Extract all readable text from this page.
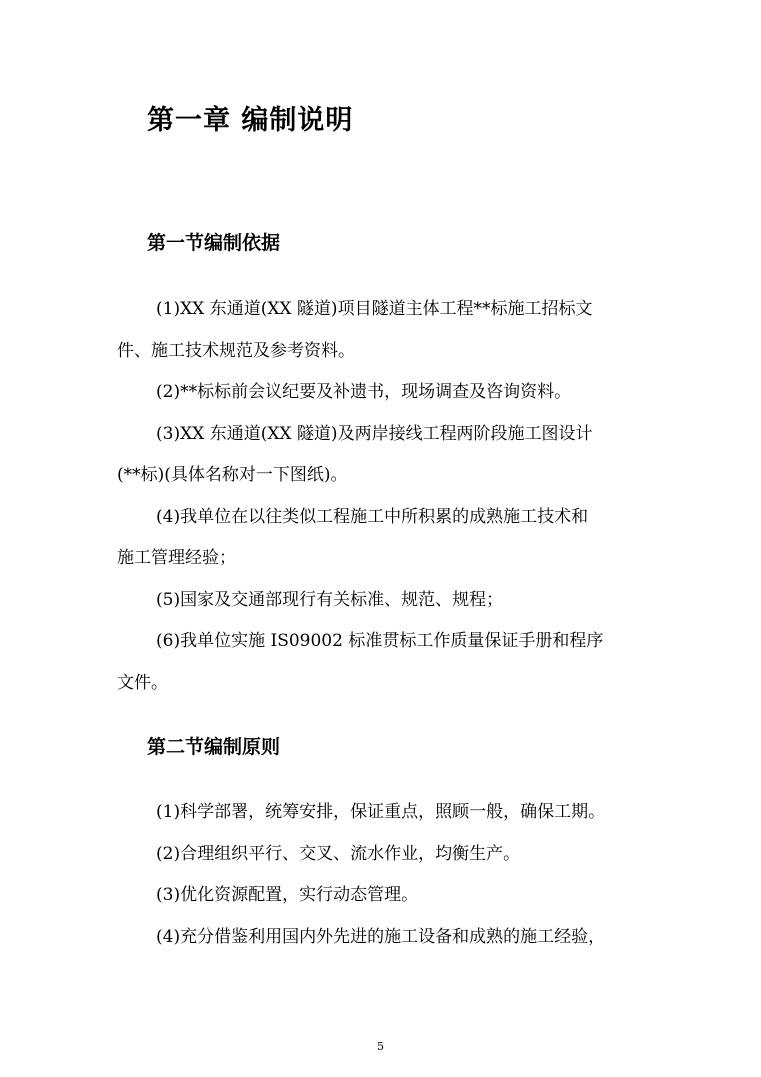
第一章 编制说明
第一节编制依据

(1)XX 东通道(XX 隧道)项目隧道主体工程**标施工招标文

件、施工技术规范及参考资料。

(2)**标标前会议纪要及补遗书，现场调查及咨询资料。

(3)XX 东通道(XX 隧道)及两岸接线工程两阶段施工图设计

(**标)(具体名称对一下图纸)。

(4)我单位在以往类似工程施工中所积累的成熟施工技术和

施工管理经验；

(5)国家及交通部现行有关标准、规范、规程；

(6)我单位实施 IS09002 标准贯标工作质量保证手册和程序

文件。

第二节编制原则

(1)科学部署，统筹安排，保证重点，照顾一般，确保工期。

(2)合理组织平行、交叉、流水作业，均衡生产。

(3)优化资源配置，实行动态管理。

(4)充分借鉴利用国内外先进的施工设备和成熟的施工经验，

5
